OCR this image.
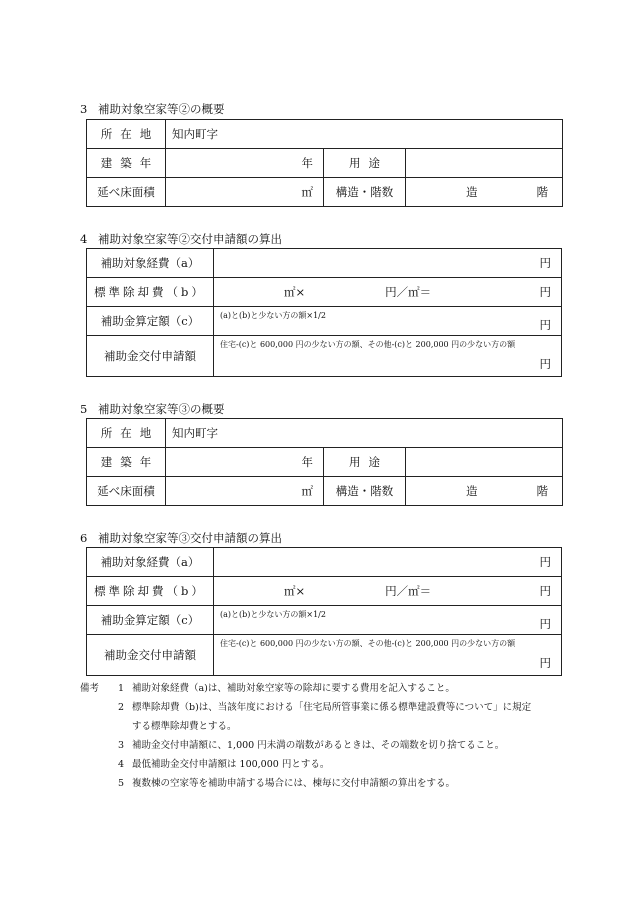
3 補助対象空家等②の概要
所在地	知内町字		
建築年	年	用途	
延べ床面積	㎡	構造・階数	造 階
4 補助対象空家等②交付申請額の算出
補助対象経費（a）	円
標準除却費（b）	㎡× 円／㎡＝ 円

補助金算定額（c）	(a)と(b)と少ない方の額×1/2
円

補助金交付申請額	住宅-(c)と 600,000 円の少ない方の額、その他-(c)と 200,000 円の少ない方の額
円
5 補助対象空家等③の概要
所在地	知内町字		
建築年	年	用途	
延べ床面積	㎡	構造・階数	造 階
6 補助対象空家等③交付申請額の算出
補助対象経費（a）	円
標準除却費（b）	㎡× 円／㎡＝ 円

補助金算定額（c）	(a)と(b)と少ない方の額×1/2
円

補助金交付申請額	住宅-(c)と 600,000 円の少ない方の額、その他-(c)と 200,000 円の少ない方の額
円
備考	1 補助対象経費（a)は、補助対象空家等の除却に要する費用を記入すること。
2 標準除却費（b)は、当該年度における「住宅局所管事業に係る標準建設費等について」に規定
する標準除却費とする。
3 補助金交付申請額に、1,000 円未満の端数があるときは、その端数を切り捨てること。
4 最低補助金交付申請額は 100,000 円とする。
5 複数棟の空家等を補助申請する場合には、棟毎に交付申請額の算出をする。
